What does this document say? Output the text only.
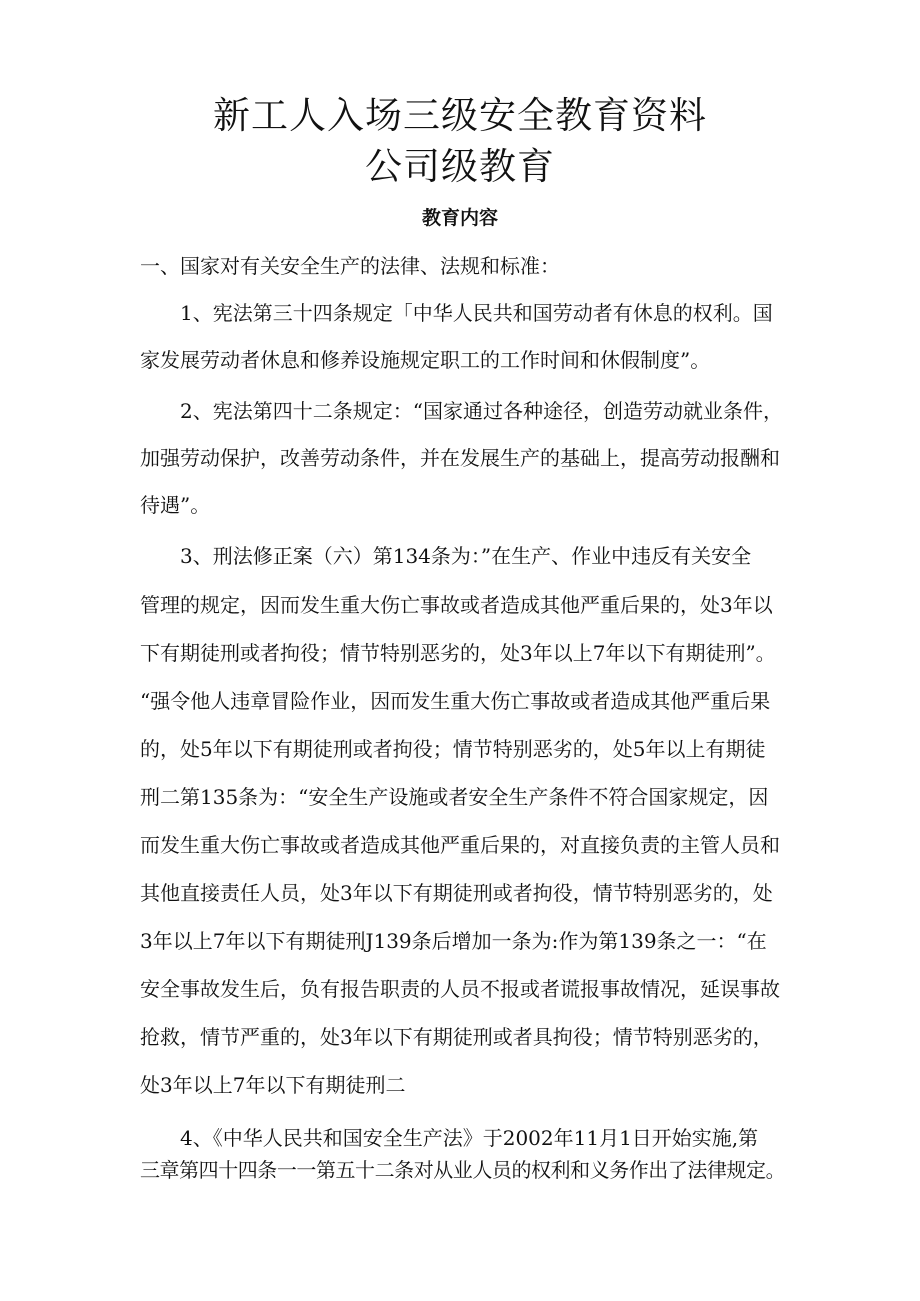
新工人入场三级安全教育资料
公司级教育
教育内容

一、国家对有关安全生产的法律、法规和标准：

1、宪法第三十四条规定「中华人民共和国劳动者有休息的权利。国

家发展劳动者休息和修养设施规定职工的工作时间和休假制度”。

2、宪法第四十二条规定：“国家通过各种途径，创造劳动就业条件，

加强劳动保护，改善劳动条件，并在发展生产的基础上，提高劳动报酬和

待遇”。

3、刑法修正案（六）第134条为：”在生产、作业中违反有关安全

管理的规定，因而发生重大伤亡事故或者造成其他严重后果的，处3年以

下有期徒刑或者拘役；情节特别恶劣的，处3年以上7年以下有期徒刑”。

“强令他人违章冒险作业，因而发生重大伤亡事故或者造成其他严重后果

的，处5年以下有期徒刑或者拘役；情节特别恶劣的，处5年以上有期徒

刑二第135条为：“安全生产设施或者安全生产条件不符合国家规定，因

而发生重大伤亡事故或者造成其他严重后果的，对直接负责的主管人员和

其他直接责任人员，处3年以下有期徒刑或者拘役，情节特别恶劣的，处

3年以上7年以下有期徒刑J139条后增加一条为:作为第139条之一：“在

安全事故发生后，负有报告职责的人员不报或者谎报事故情况，延误事故

抢救，情节严重的，处3年以下有期徒刑或者具拘役；情节特别恶劣的，

处3年以上7年以下有期徒刑二

4、《中华人民共和国安全生产法》于2002年11月1日开始实施,第

三章第四十四条一一第五十二条对从业人员的权利和义务作出了法律规定。
